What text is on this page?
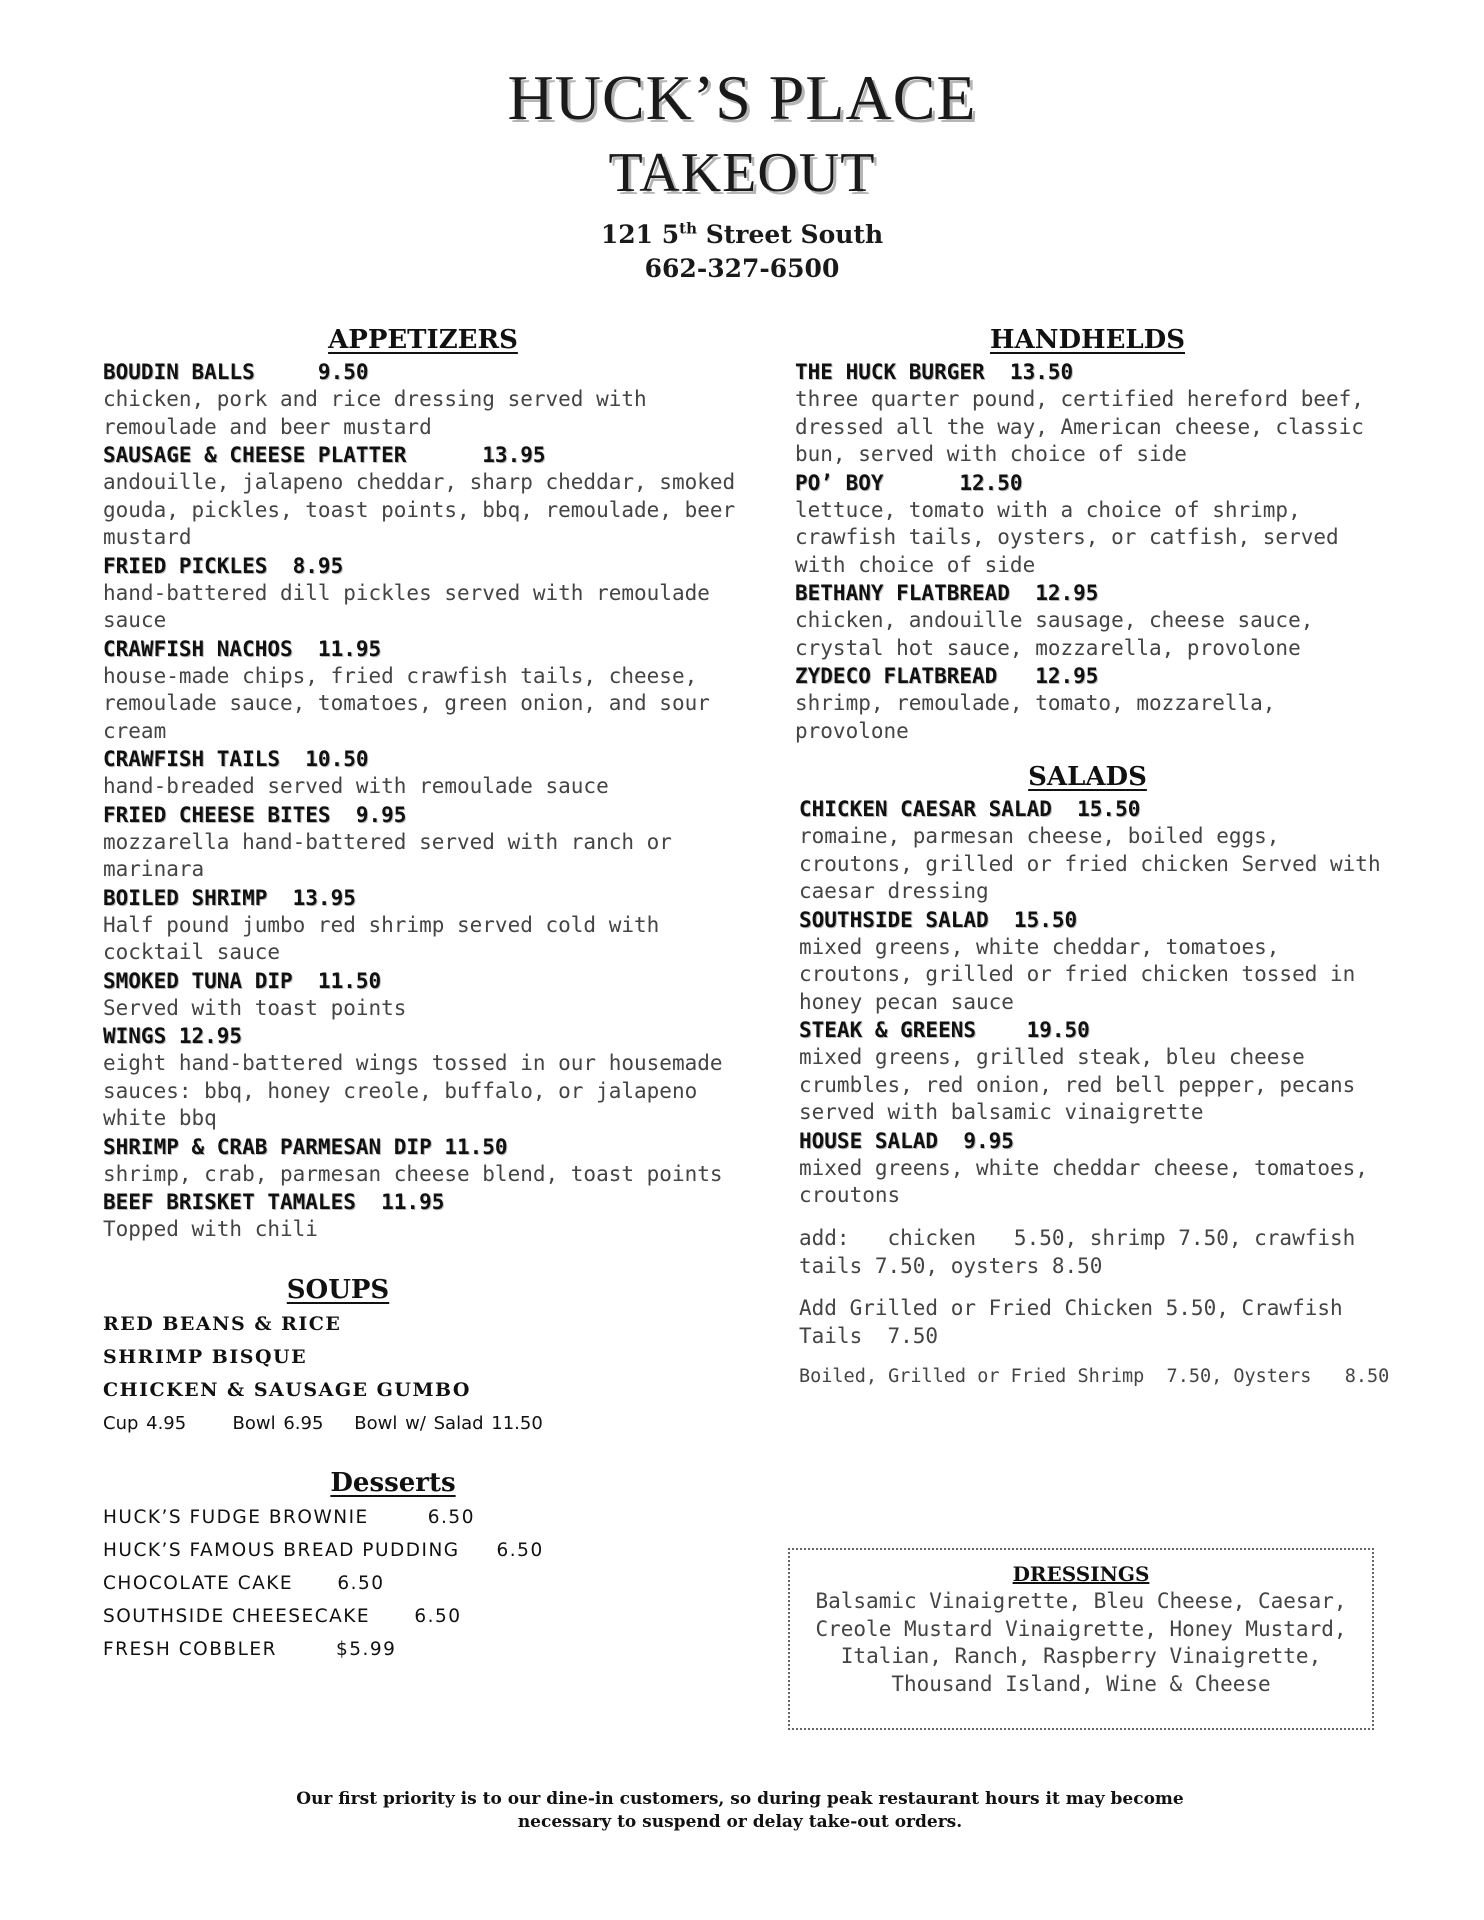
HUCK’S PLACE
TAKEOUT
121 5th Street South
662-327-6500
APPETIZERS
BOUDIN BALLS     9.50
chicken, pork and rice dressing served with remoulade and beer mustard
SAUSAGE & CHEESE PLATTER      13.95
andouille, jalapeno cheddar, sharp cheddar, smoked gouda, pickles, toast points, bbq, remoulade, beer mustard
FRIED PICKLES  8.95
hand-battered dill pickles served with remoulade sauce
CRAWFISH NACHOS  11.95
house-made chips, fried crawfish tails, cheese, remoulade sauce, tomatoes, green onion, and sour cream
CRAWFISH TAILS  10.50
hand-breaded served with remoulade sauce
FRIED CHEESE BITES  9.95
mozzarella hand-battered served with ranch or marinara
BOILED SHRIMP  13.95
Half pound jumbo red shrimp served cold with cocktail sauce
SMOKED TUNA DIP  11.50
Served with toast points
WINGS 12.95
eight hand-battered wings tossed in our housemade sauces: bbq, honey creole, buffalo, or jalapeno white bbq
SHRIMP & CRAB PARMESAN DIP 11.50
shrimp, crab, parmesan cheese blend, toast points
BEEF BRISKET TAMALES  11.95
Topped with chili
SOUPS
RED BEANS & RICE
SHRIMP BISQUE
CHICKEN & SAUSAGE GUMBO
Cup 4.95      Bowl 6.95    Bowl w/ Salad 11.50
Desserts
HUCK’S FUDGE BROWNIE        6.50
HUCK’S FAMOUS BREAD PUDDING     6.50
CHOCOLATE CAKE      6.50
SOUTHSIDE CHEESECAKE      6.50
FRESH COBBLER        $5.99
HANDHELDS
THE HUCK BURGER  13.50
three quarter pound, certified hereford beef, dressed all the way, American cheese, classic bun, served with choice of side
PO’ BOY      12.50
lettuce, tomato with a choice of shrimp, crawfish tails, oysters, or catfish, served with choice of side
BETHANY FLATBREAD  12.95
chicken, andouille sausage, cheese sauce, crystal hot sauce, mozzarella, provolone
ZYDECO FLATBREAD   12.95
shrimp, remoulade, tomato, mozzarella, provolone
SALADS
CHICKEN CAESAR SALAD  15.50
romaine, parmesan cheese, boiled eggs, croutons, grilled or fried chicken Served with caesar dressing
SOUTHSIDE SALAD  15.50
mixed greens, white cheddar, tomatoes, croutons, grilled or fried chicken tossed in honey pecan sauce
STEAK & GREENS    19.50
mixed greens, grilled steak, bleu cheese crumbles, red onion, red bell pepper, pecans served with balsamic vinaigrette
HOUSE SALAD  9.95
mixed greens, white cheddar cheese, tomatoes, croutons
add:   chicken   5.50, shrimp 7.50, crawfish tails 7.50, oysters 8.50
Add Grilled or Fried Chicken 5.50, Crawfish Tails  7.50
Boiled, Grilled or Fried Shrimp  7.50, Oysters   8.50
DRESSINGS
Balsamic Vinaigrette, Bleu Cheese, Caesar, Creole Mustard Vinaigrette, Honey Mustard, Italian, Ranch, Raspberry Vinaigrette, Thousand Island, Wine & Cheese
Our first priority is to our dine-in customers, so during peak restaurant hours it may become
necessary to suspend or delay take-out orders.
